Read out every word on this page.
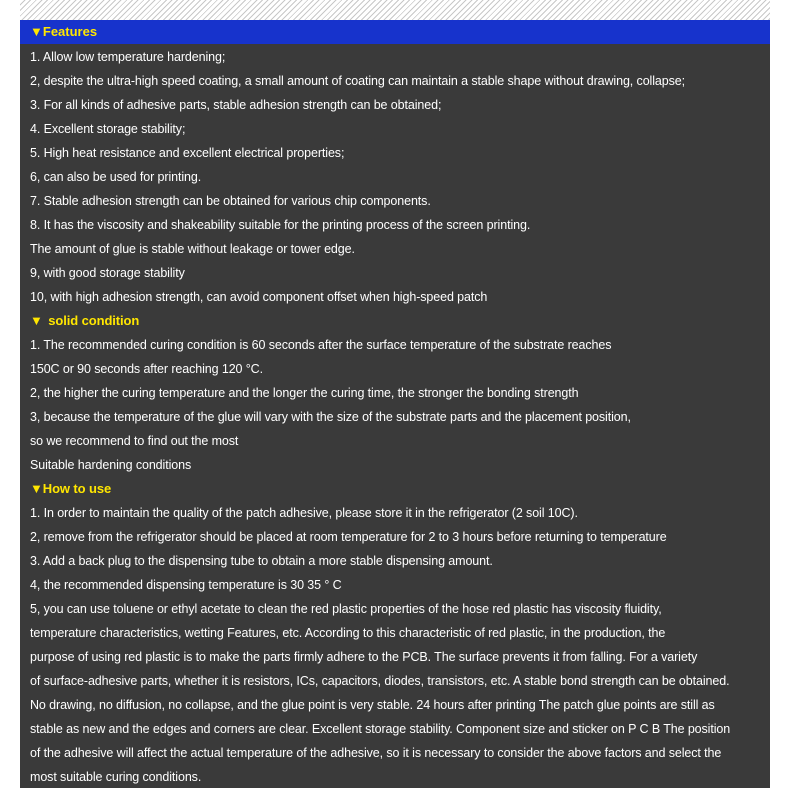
▼Features
1. Allow low temperature hardening;
2, despite the ultra-high speed coating, a small amount of coating can maintain a stable shape without drawing, collapse;
3. For all kinds of adhesive parts, stable adhesion strength can be obtained;
4. Excellent storage stability;
5. High heat resistance and excellent electrical properties;
6, can also be used for printing.
7. Stable adhesion strength can be obtained for various chip components.
8. It has the viscosity and shakeability suitable for the printing process of the screen printing.
The amount of glue is stable without leakage or tower edge.
9, with good storage stability
10, with high adhesion strength, can avoid component offset when high-speed patch
▼ solid condition
1. The recommended curing condition is 60 seconds after the surface temperature of the substrate reaches
150C or 90 seconds after reaching 120 °C.
2, the higher the curing temperature and the longer the curing time, the stronger the bonding strength
3, because the temperature of the glue will vary with the size of the substrate parts and the placement position,
so we recommend to find out the most
Suitable hardening conditions
▼How to use
1. In order to maintain the quality of the patch adhesive, please store it in the refrigerator (2 soil 10C).
2, remove from the refrigerator should be placed at room temperature for 2 to 3 hours before returning to temperature
3. Add a back plug to the dispensing tube to obtain a more stable dispensing amount.
4, the recommended dispensing temperature is 30 35 ° C
5, you can use toluene or ethyl acetate to clean the red plastic properties of the hose red plastic has viscosity fluidity,
temperature characteristics, wetting Features, etc. According to this characteristic of red plastic, in the production, the
purpose of using red plastic is to make the parts firmly adhere to the PCB. The surface prevents it from falling. For a variety
of surface-adhesive parts, whether it is resistors, ICs, capacitors, diodes, transistors, etc. A stable bond strength can be obtained.
No drawing, no diffusion, no collapse, and the glue point is very stable. 24 hours after printing The patch glue points are still as
stable as new and the edges and corners are clear. Excellent storage stability. Component size and sticker on P C B The position
of the adhesive will affect the actual temperature of the adhesive, so it is necessary to consider the above factors and select the
most suitable curing conditions.
